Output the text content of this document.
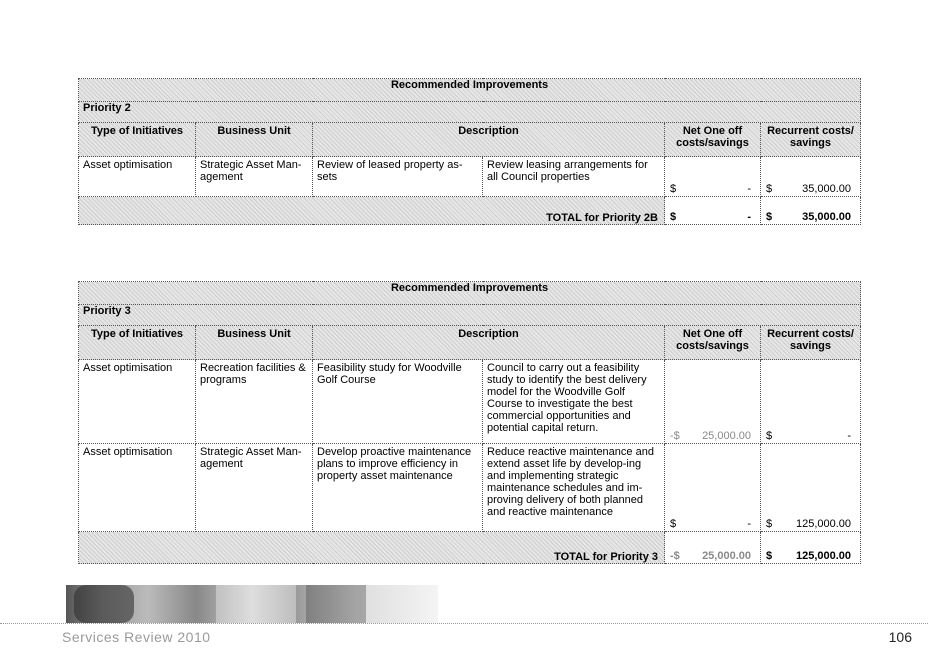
Recommended Improvements					
Priority 2					
Type of Initiatives	Business Unit	Description		Net One off costs/savings	Recurrent costs/ savings
Asset optimisation	Strategic Asset Man-agement	Review of leased property as-sets	Review leasing arrangements for all Council properties	$ -	$ 35,000.00

TOTAL for Priority 2B				$ -	$ 35,000.00
Recommended Improvements					
Priority 3					
Type of Initiatives	Business Unit	Description		Net One off costs/savings	Recurrent costs/ savings
Asset optimisation	Recreation facilities & programs	Feasibility study for Woodville Golf Course	Council to carry out a feasibility study to identify the best delivery model for the Woodville Golf Course to investigate the best commercial opportunities and potential capital return.	-$ 25,000.00	$ -

Asset optimisation	Strategic Asset Man-agement	Develop proactive maintenance plans to improve efficiency in property asset maintenance	Reduce reactive maintenance and extend asset life by develop-ing and implementing strategic maintenance schedules and im-proving delivery of both planned and reactive maintenance	$ -	$ 125,000.00

TOTAL for Priority 3				-$ 25,000.00	$ 125,000.00
Services Review 2010	106
